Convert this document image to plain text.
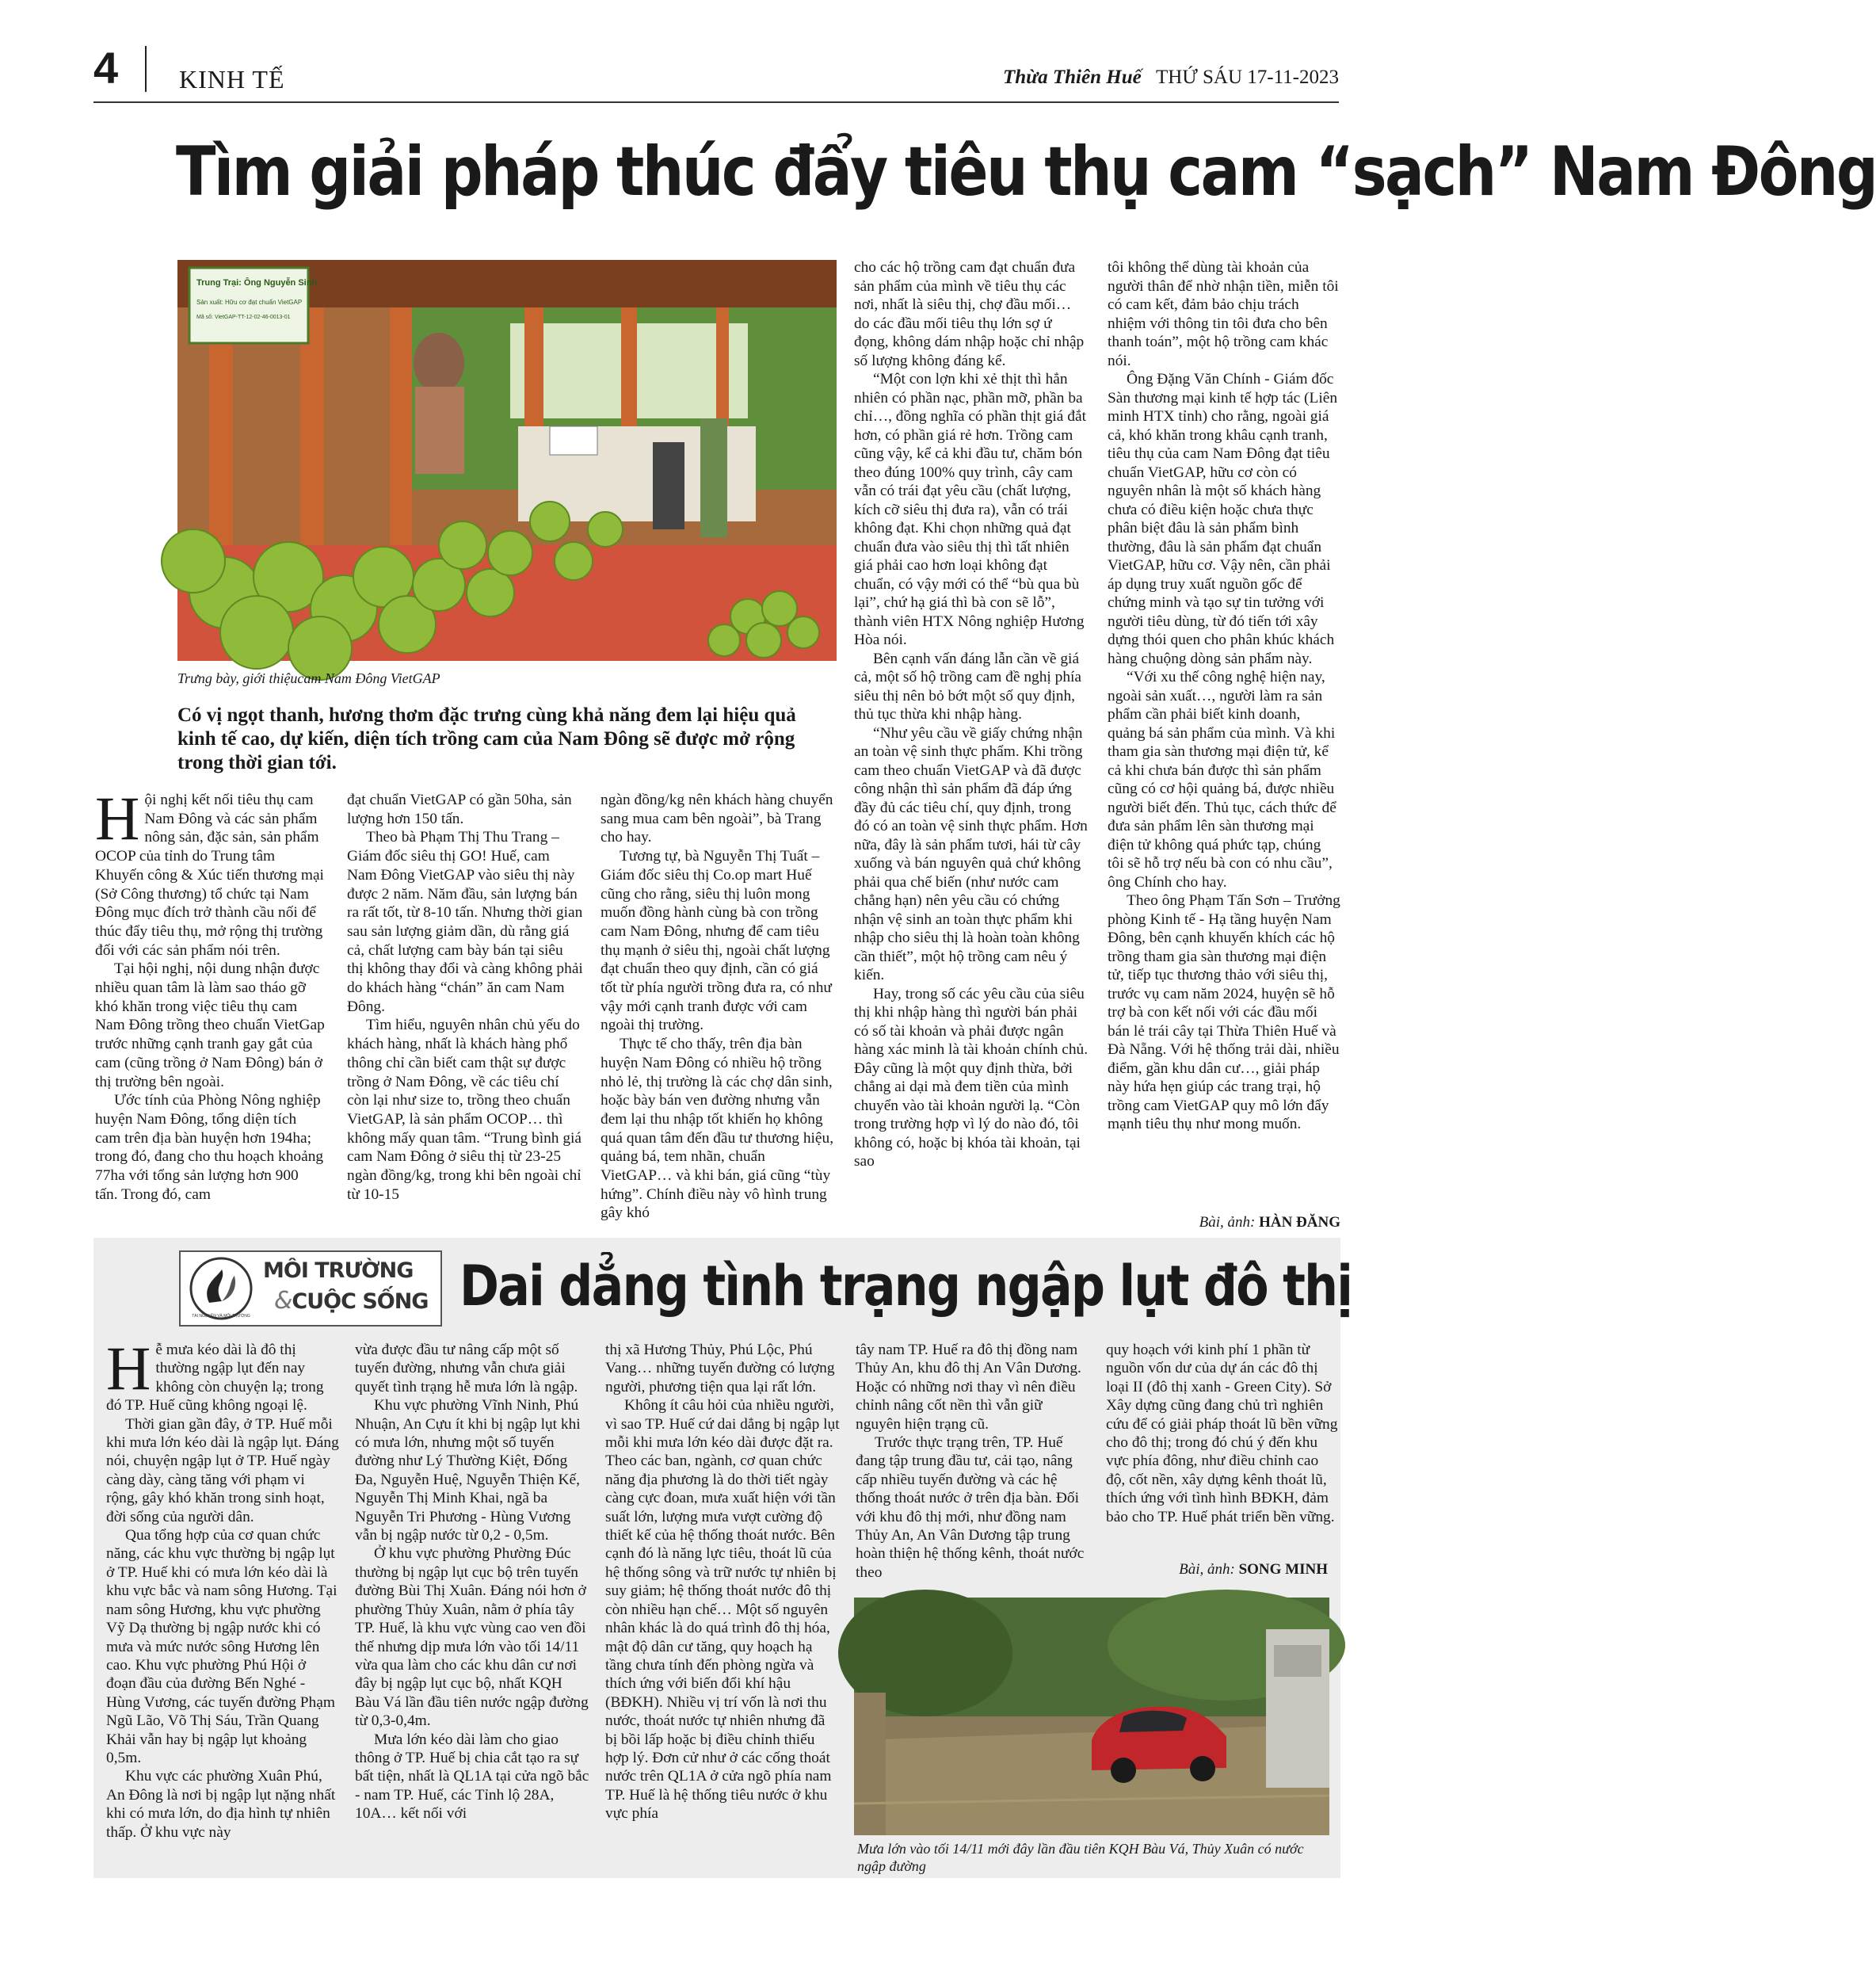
4 KINH TẾ	Thừa Thiên Huế THỨ SÁU 17-11-2023
Tìm giải pháp thúc đẩy tiêu thụ cam “sạch” Nam Đông
Trung Trại: Ông Nguyễn Sinh
Sản xuất: Hữu cơ đạt chuẩn VietGAP
Mã số: VietGAP-TT-12-02-46-0013-01
Trưng bày, giới thiệucam Nam Đông VietGAP
Có vị ngọt thanh, hương thơm đặc trưng cùng khả năng đem lại hiệu quả kinh tế cao, dự kiến, diện tích trồng cam của Nam Đông sẽ được mở rộng trong thời gian tới.
H ội nghị kết nối tiêu thụ cam Nam Đông và các sản phẩm nông sản, đặc sản, sản phẩm OCOP của tỉnh do Trung tâm Khuyến công & Xúc tiến thương mại (Sở Công thương) tổ chức tại Nam Đông mục đích trở thành cầu nối để thúc đẩy tiêu thụ, mở rộng thị trường đối với các sản phẩm nói trên.

Tại hội nghị, nội dung nhận được nhiều quan tâm là làm sao tháo gỡ khó khăn trong việc tiêu thụ cam Nam Đông trồng theo chuẩn VietGap trước những cạnh tranh gay gắt của cam (cũng trồng ở Nam Đông) bán ở thị trường bên ngoài.

Ước tính của Phòng Nông nghiệp huyện Nam Đông, tổng diện tích cam trên địa bàn huyện hơn 194ha; trong đó, đang cho thu hoạch khoảng 77ha với tổng sản lượng hơn 900 tấn. Trong đó, cam

đạt chuẩn VietGAP có gần 50ha, sản lượng hơn 150 tấn.

Theo bà Phạm Thị Thu Trang – Giám đốc siêu thị GO! Huế, cam Nam Đông VietGAP vào siêu thị này được 2 năm. Năm đầu, sản lượng bán ra rất tốt, từ 8-10 tấn. Nhưng thời gian sau sản lượng giảm dần, dù rằng giá cả, chất lượng cam bày bán tại siêu thị không thay đổi và càng không phải do khách hàng “chán” ăn cam Nam Đông.

Tìm hiểu, nguyên nhân chủ yếu do khách hàng, nhất là khách hàng phổ thông chỉ cần biết cam thật sự được trồng ở Nam Đông, về các tiêu chí còn lại như size to, trồng theo chuẩn VietGAP, là sản phẩm OCOP… thì không mấy quan tâm. “Trung bình giá cam Nam Đông ở siêu thị từ 23-25 ngàn đồng/kg, trong khi bên ngoài chỉ từ 10-15

ngàn đồng/kg nên khách hàng chuyển sang mua cam bên ngoài”, bà Trang cho hay.

Tương tự, bà Nguyễn Thị Tuất – Giám đốc siêu thị Co.op mart Huế cũng cho rằng, siêu thị luôn mong muốn đồng hành cùng bà con trồng cam Nam Đông, nhưng để cam tiêu thụ mạnh ở siêu thị, ngoài chất lượng đạt chuẩn theo quy định, cần có giá tốt từ phía người trồng đưa ra, có như vậy mới cạnh tranh được với cam ngoài thị trường.

Thực tế cho thấy, trên địa bàn huyện Nam Đông có nhiều hộ trồng nhỏ lẻ, thị trường là các chợ dân sinh, hoặc bày bán ven đường nhưng vẫn đem lại thu nhập tốt khiến họ không quá quan tâm đến đầu tư thương hiệu, quảng bá, tem nhãn, chuẩn VietGAP… và khi bán, giá cũng “tùy hứng”. Chính điều này vô hình trung gây khó

cho các hộ trồng cam đạt chuẩn đưa sản phẩm của mình về tiêu thụ các nơi, nhất là siêu thị, chợ đầu mối… do các đầu mối tiêu thụ lớn sợ ứ đọng, không dám nhập hoặc chỉ nhập số lượng không đáng kể.

“Một con lợn khi xẻ thịt thì hẳn nhiên có phần nạc, phần mỡ, phần ba chỉ…, đồng nghĩa có phần thịt giá đắt hơn, có phần giá rẻ hơn. Trồng cam cũng vậy, kể cả khi đầu tư, chăm bón theo đúng 100% quy trình, cây cam vẫn có trái đạt yêu cầu (chất lượng, kích cỡ siêu thị đưa ra), vẫn có trái không đạt. Khi chọn những quả đạt chuẩn đưa vào siêu thị thì tất nhiên giá phải cao hơn loại không đạt chuẩn, có vậy mới có thể “bù qua bù lại”, chứ hạ giá thì bà con sẽ lỗ”, thành viên HTX Nông nghiệp Hương Hòa nói.

Bên cạnh vấn đáng lẫn cần về giá cả, một số hộ trồng cam đề nghị phía siêu thị nên bỏ bớt một số quy định, thủ tục thừa khi nhập hàng.

“Như yêu cầu về giấy chứng nhận an toàn vệ sinh thực phẩm. Khi trồng cam theo chuẩn VietGAP và đã được công nhận thì sản phẩm đã đáp ứng đầy đủ các tiêu chí, quy định, trong đó có an toàn vệ sinh thực phẩm. Hơn nữa, đây là sản phẩm tươi, hái từ cây xuống và bán nguyên quả chứ không phải qua chế biến (như nước cam chẳng hạn) nên yêu cầu có chứng nhận vệ sinh an toàn thực phẩm khi nhập cho siêu thị là hoàn toàn không cần thiết”, một hộ trồng cam nêu ý kiến.

Hay, trong số các yêu cầu của siêu thị khi nhập hàng thì người bán phải có số tài khoản và phải được ngân hàng xác minh là tài khoản chính chủ. Đây cũng là một quy định thừa, bởi chẳng ai dại mà đem tiền của mình chuyển vào tài khoản người lạ. “Còn trong trường hợp vì lý do nào đó, tôi không có, hoặc bị khóa tài khoản, tại sao

tôi không thể dùng tài khoản của người thân để nhờ nhận tiền, miễn tôi có cam kết, đảm bảo chịu trách nhiệm với thông tin tôi đưa cho bên thanh toán”, một hộ trồng cam khác nói.

Ông Đặng Văn Chính - Giám đốc Sàn thương mại kinh tế hợp tác (Liên minh HTX tỉnh) cho rằng, ngoài giá cả, khó khăn trong khâu cạnh tranh, tiêu thụ của cam Nam Đông đạt tiêu chuẩn VietGAP, hữu cơ còn có nguyên nhân là một số khách hàng chưa có điều kiện hoặc chưa thực phân biệt đâu là sản phẩm bình thường, đâu là sản phẩm đạt chuẩn VietGAP, hữu cơ. Vậy nên, cần phải áp dụng truy xuất nguồn gốc để chứng minh và tạo sự tin tưởng với người tiêu dùng, từ đó tiến tới xây dựng thói quen cho phân khúc khách hàng chuộng dòng sản phẩm này.

“Với xu thế công nghệ hiện nay, ngoài sản xuất…, người làm ra sản phẩm cần phải biết kinh doanh, quảng bá sản phẩm của mình. Và khi tham gia sàn thương mại điện tử, kể cả khi chưa bán được thì sản phẩm cũng có cơ hội quảng bá, được nhiều người biết đến. Thủ tục, cách thức để đưa sản phẩm lên sàn thương mại điện tử không quá phức tạp, chúng tôi sẽ hỗ trợ nếu bà con có nhu cầu”, ông Chính cho hay.

Theo ông Phạm Tấn Sơn – Trưởng phòng Kinh tế - Hạ tầng huyện Nam Đông, bên cạnh khuyến khích các hộ trồng tham gia sàn thương mại điện tử, tiếp tục thương thảo với siêu thị, trước vụ cam năm 2024, huyện sẽ hỗ trợ bà con kết nối với các đầu mối bán lẻ trái cây tại Thừa Thiên Huế và Đà Nẵng. Với hệ thống trải dài, nhiều điểm, gần khu dân cư…, giải pháp này hứa hẹn giúp các trang trại, hộ trồng cam VietGAP quy mô lớn đẩy mạnh tiêu thụ như mong muốn.

Bài, ảnh: HÀN ĐĂNG
TÀI NGUYÊN VÀ MÔI TRƯỜNG
MÔI TRƯỜNG
&CUỘC SỐNG Dai dẳng tình trạng ngập lụt đô thị
H ễ mưa kéo dài là đô thị thường ngập lụt đến nay không còn chuyện lạ; trong đó TP. Huế cũng không ngoại lệ.

Thời gian gần đây, ở TP. Huế mỗi khi mưa lớn kéo dài là ngập lụt. Đáng nói, chuyện ngập lụt ở TP. Huế ngày càng dày, càng tăng với phạm vi rộng, gây khó khăn trong sinh hoạt, đời sống của người dân.

Qua tổng hợp của cơ quan chức năng, các khu vực thường bị ngập lụt ở TP. Huế khi có mưa lớn kéo dài là khu vực bắc và nam sông Hương. Tại nam sông Hương, khu vực phường Vỹ Dạ thường bị ngập nước khi có mưa và mức nước sông Hương lên cao. Khu vực phường Phú Hội ở đoạn đầu của đường Bến Nghé - Hùng Vương, các tuyến đường Phạm Ngũ Lão, Võ Thị Sáu, Trần Quang Khải vẫn hay bị ngập lụt khoảng 0,5m.

Khu vực các phường Xuân Phú, An Đông là nơi bị ngập lụt nặng nhất khi có mưa lớn, do địa hình tự nhiên thấp. Ở khu vực này

vừa được đầu tư nâng cấp một số tuyến đường, nhưng vẫn chưa giải quyết tình trạng hễ mưa lớn là ngập.

Khu vực phường Vĩnh Ninh, Phú Nhuận, An Cựu ít khi bị ngập lụt khi có mưa lớn, nhưng một số tuyến đường như Lý Thường Kiệt, Đống Đa, Nguyễn Huệ, Nguyễn Thiện Kế, Nguyễn Thị Minh Khai, ngã ba Nguyễn Tri Phương - Hùng Vương vẫn bị ngập nước từ 0,2 - 0,5m.

Ở khu vực phường Phường Đúc thường bị ngập lụt cục bộ trên tuyến đường Bùi Thị Xuân. Đáng nói hơn ở phường Thủy Xuân, nằm ở phía tây TP. Huế, là khu vực vùng cao ven đồi thế nhưng dịp mưa lớn vào tối 14/11 vừa qua làm cho các khu dân cư nơi đây bị ngập lụt cục bộ, nhất KQH Bàu Vá lần đầu tiên nước ngập đường từ 0,3-0,4m.

Mưa lớn kéo dài làm cho giao thông ở TP. Huế bị chia cắt tạo ra sự bất tiện, nhất là QL1A tại cửa ngõ bắc - nam TP. Huế, các Tỉnh lộ 28A, 10A… kết nối với

thị xã Hương Thủy, Phú Lộc, Phú Vang… những tuyến đường có lượng người, phương tiện qua lại rất lớn.

Không ít câu hỏi của nhiều người, vì sao TP. Huế cứ dai dẳng bị ngập lụt mỗi khi mưa lớn kéo dài được đặt ra. Theo các ban, ngành, cơ quan chức năng địa phương là do thời tiết ngày càng cực đoan, mưa xuất hiện với tần suất lớn, lượng mưa vượt cường độ thiết kế của hệ thống thoát nước. Bên cạnh đó là năng lực tiêu, thoát lũ của hệ thống sông và trữ nước tự nhiên bị suy giảm; hệ thống thoát nước đô thị còn nhiều hạn chế… Một số nguyên nhân khác là do quá trình đô thị hóa, mật độ dân cư tăng, quy hoạch hạ tầng chưa tính đến phòng ngừa và thích ứng với biến đổi khí hậu (BĐKH). Nhiều vị trí vốn là nơi thu nước, thoát nước tự nhiên nhưng đã bị bồi lấp hoặc bị điều chỉnh thiếu hợp lý. Đơn cử như ở các cống thoát nước trên QL1A ở cửa ngõ phía nam TP. Huế là hệ thống tiêu nước ở khu vực phía

tây nam TP. Huế ra đô thị đồng nam Thủy An, khu đô thị An Vân Dương. Hoặc có những nơi thay vì nên điều chỉnh nâng cốt nền thì vẫn giữ nguyên hiện trạng cũ.

Trước thực trạng trên, TP. Huế đang tập trung đầu tư, cải tạo, nâng cấp nhiều tuyến đường và các hệ thống thoát nước ở trên địa bàn. Đối với khu đô thị mới, như đồng nam Thủy An, An Vân Dương tập trung hoàn thiện hệ thống kênh, thoát nước theo

quy hoạch với kinh phí 1 phần từ nguồn vốn dư của dự án các đô thị loại II (đô thị xanh - Green City). Sở Xây dựng cũng đang chủ trì nghiên cứu để có giải pháp thoát lũ bền vững cho đô thị; trong đó chú ý đến khu vực phía đông, như điều chỉnh cao độ, cốt nền, xây dựng kênh thoát lũ, thích ứng với tình hình BĐKH, đảm bảo cho TP. Huế phát triển bền vững.

Bài, ảnh: SONG MINH
Mưa lớn vào tối 14/11 mới đây lần đầu tiên KQH Bàu Vá, Thủy Xuân có nước ngập đường
